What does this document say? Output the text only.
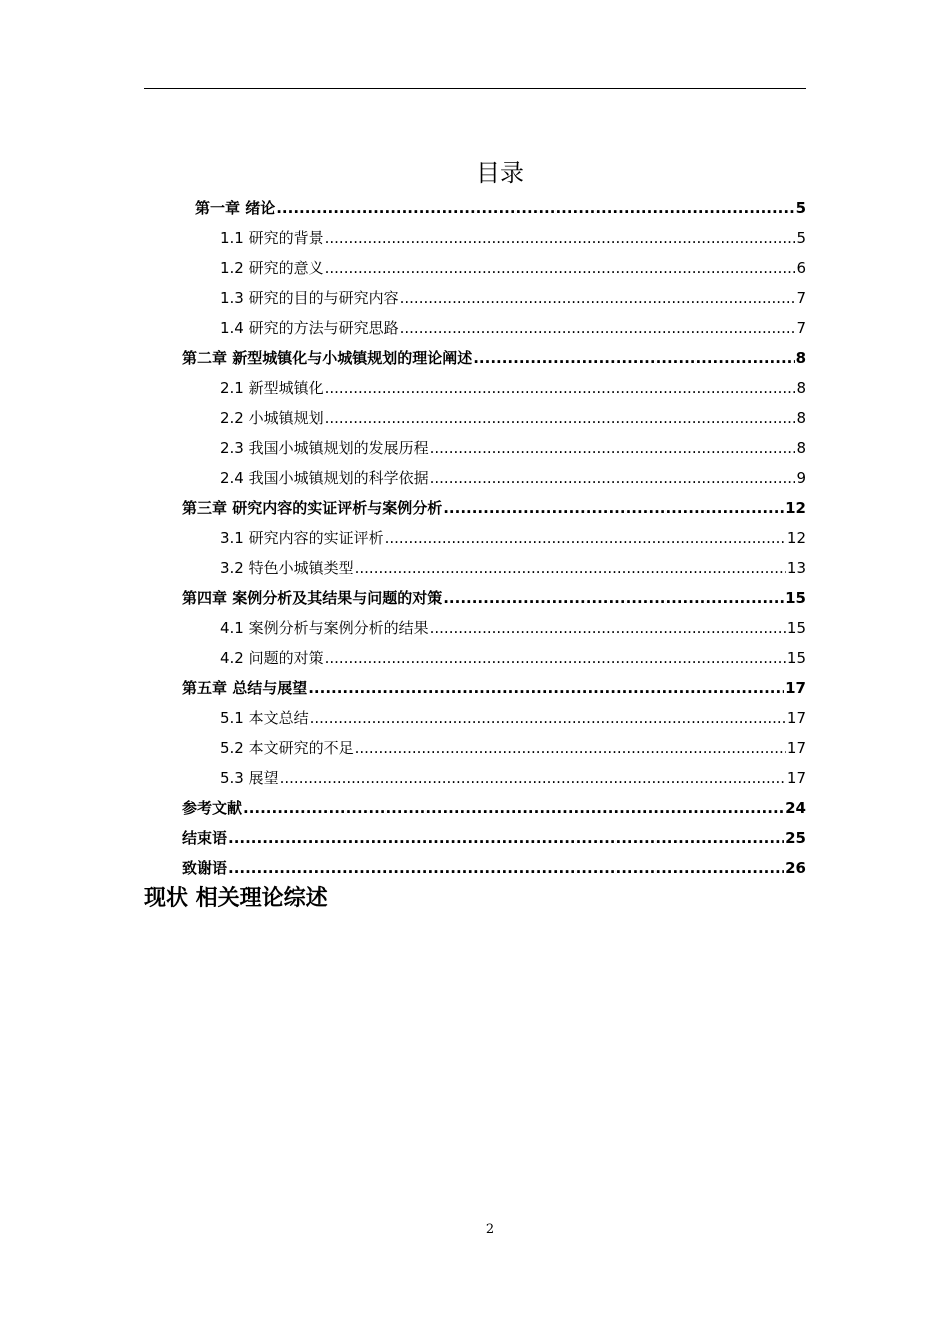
目录
第一章 绪论 .....	5
1.1 研究的背景 .....	5
1.2 研究的意义 .....	6
1.3 研究的目的与研究内容 .....	7
1.4 研究的方法与研究思路 .....	7
第二章 新型城镇化与小城镇规划的理论阐述 .....	8
2.1 新型城镇化 .....	8
2.2 小城镇规划 .....	8
2.3 我国小城镇规划的发展历程 .....	8
2.4 我国小城镇规划的科学依据 .....	9
第三章 研究内容的实证评析与案例分析 .....	12
3.1 研究内容的实证评析 .....	12
3.2 特色小城镇类型 .....	13
第四章 案例分析及其结果与问题的对策 .....	15
4.1 案例分析与案例分析的结果 .....	15
4.2 问题的对策 .....	15
第五章 总结与展望 .....	17
5.1 本文总结 .....	17
5.2 本文研究的不足 .....	17
5.3 展望 .....	17
参考文献 .....	24
结束语 .....	25
致谢语 .....	26
现状 相关理论综述
2
